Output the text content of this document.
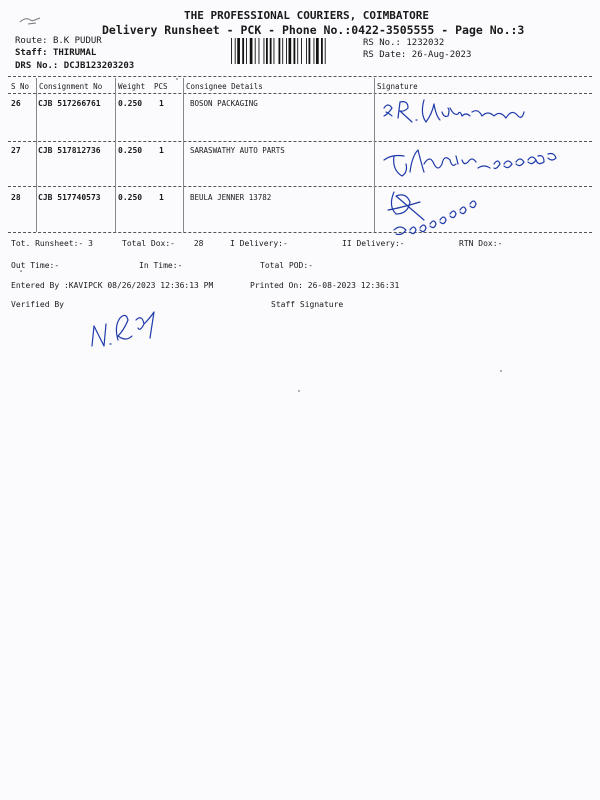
THE PROFESSIONAL COURIERS, COIMBATORE
Delivery Runsheet - PCK - Phone No.:0422-3505555 - Page No.:3
Route: B.K PUDUR
Staff: THIRUMAL
DRS No.: DCJB123203203
RS No.: 1232032
RS Date: 26-Aug-2023
S No Consignment No Weight PCS Consignee Details	Signature
26 CJB 517266761 0.250 1	BOSON PACKAGING
27 CJB 517812736 0.250 1	SARASWATHY AUTO PARTS
28 CJB 517740573 0.250 1	BEULA JENNER 13782
Tot. Runsheet:- 3	Total Dox:- 28	I Delivery:-	II Delivery:-	RTN Dox:-
Out Time:-	In Time:-	Total POD:-
Entered By :KAVIPCK 08/26/2023 12:36:13 PM	Printed On: 26-08-2023 12:36:31
Verified By	Staff Signature
